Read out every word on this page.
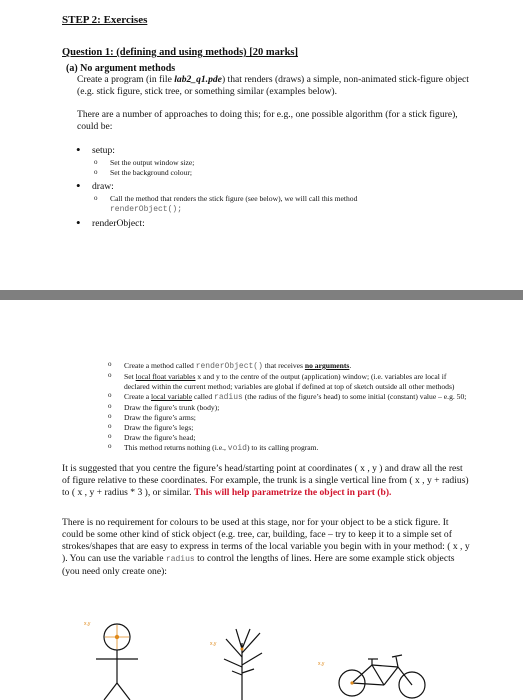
STEP 2: Exercises

Question 1: (defining and using methods) [20 marks]

(a) No argument methods

Create a program (in file lab2_q1.pde) that renders (draws) a simple, non-animated stick-figure object (e.g. stick figure, stick tree, or something similar (examples below).

There are a number of approaches to doing this; for e.g., one possible algorithm (for a stick figure), could be:

• setup:
o Set the output window size;
o Set the background colour;
• draw:
o Call the method that renders the stick figure (see below), we will call this method
renderObject();
• renderObject:
o Create a method called renderObject() that receives no arguments.
o Set local float variables x and y to the centre of the output (application) window; (i.e. variables are local if declared within the current method; variables are global if defined at top of sketch outside all other methods)
o Create a local variable called radius (the radius of the figure’s head) to some initial (constant) value – e.g. 50;
o Draw the figure’s trunk (body);
o Draw the figure’s arms;
o Draw the figure’s legs;
o Draw the figure’s head;
o This method returns nothing (i.e., void) to its calling program.

It is suggested that you centre the figure’s head/starting point at coordinates ( x , y ) and draw all the rest of figure relative to these coordinates. For example, the trunk is a single vertical line from ( x , y + radius) to ( x , y + radius * 3 ), or similar. This will help parametrize the object in part (b).

There is no requirement for colours to be used at this stage, nor for your object to be a stick figure. It could be some other kind of stick object (e.g. tree, car, building, face – try to keep it to a simple set of strokes/shapes that are easy to express in terms of the local variable you begin with in your method: ( x , y ). You can use the variable radius to control the lengths of lines. Here are some example stick objects (you need only create one):

x,y
x,y
x,y
